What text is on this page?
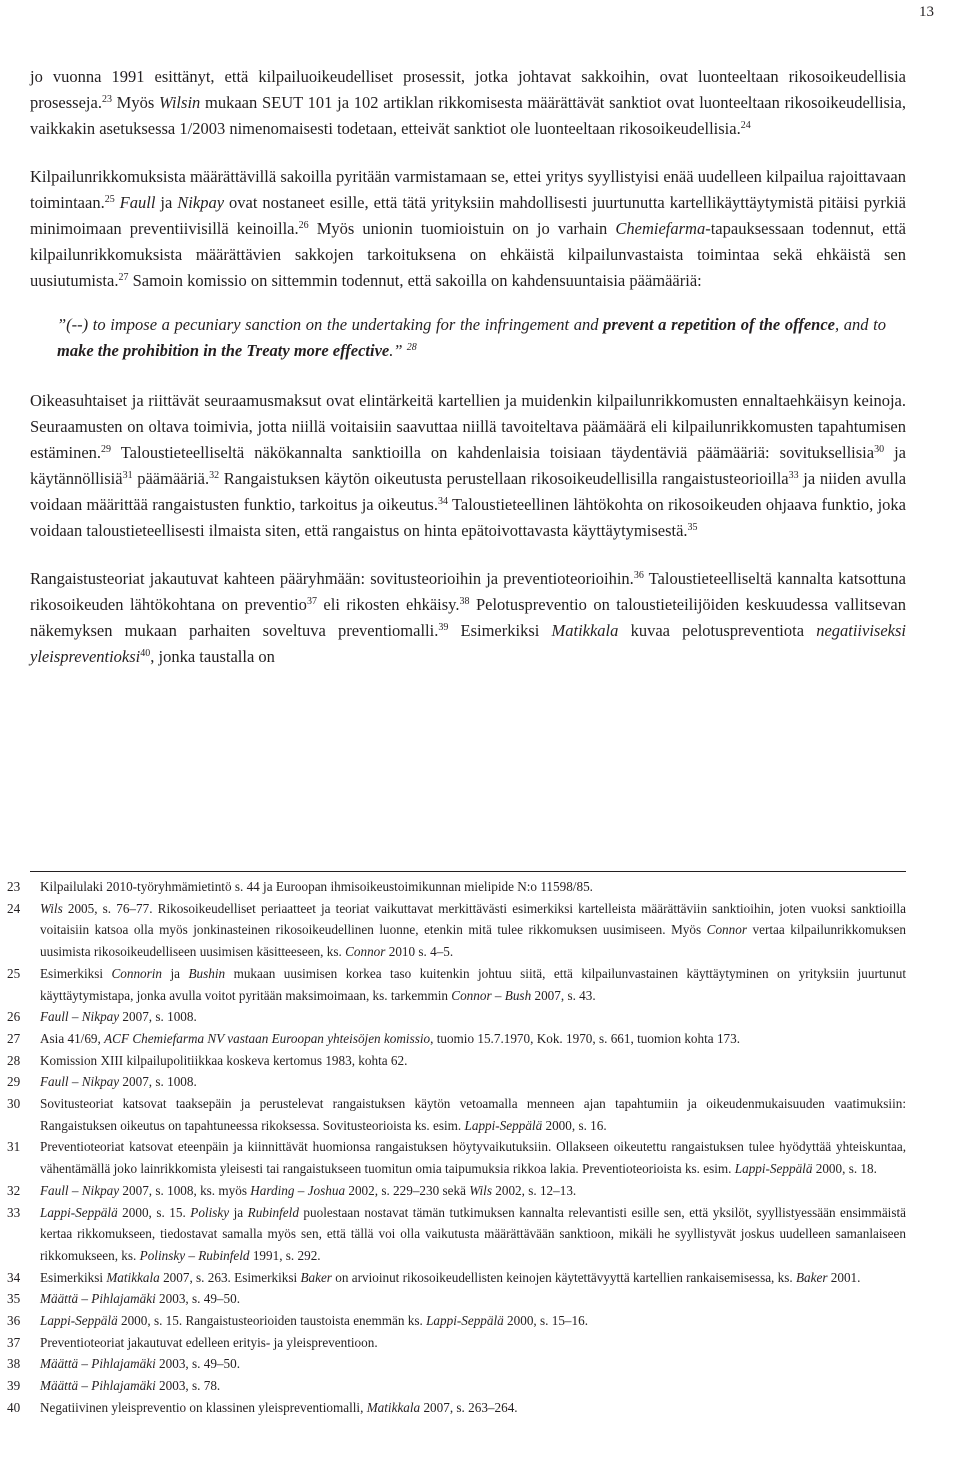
13

jo vuonna 1991 esittänyt, että kilpailuoikeudelliset prosessit, jotka johtavat sakkoihin, ovat luonteeltaan rikosoikeudellisia prosesseja.$^{23}$ Myös Wilsin mukaan SEUT 101 ja 102 artiklan rikkomisesta määrättävät sanktiot ovat luonteeltaan rikosoikeudellisia, vaikkakin asetuksessa 1/2003 nimenomaisesti todetaan, etteivät sanktiot ole luonteeltaan rikosoikeudellisia.$^{24}$

Kilpailunrikkomuksista määrättävillä sakoilla pyritään varmistamaan se, ettei yritys syyllistyisi enää uudelleen kilpailua rajoittavaan toimintaan.$^{25}$ Faull ja Nikpay ovat nostaneet esille, että tätä yrityksiin mahdollisesti juurtunutta kartellikäyttäytymistä pitäisi pyrkiä minimoimaan preventiivisillä keinoilla.$^{26}$ Myös unionin tuomioistuin on jo varhain Chemiefarma-tapauksessaan todennut, että kilpailunrikkomuksista määrättävien sakkojen tarkoituksena on ehkäistä kilpailunvastaista toimintaa sekä ehkäistä sen uusiutumista.$^{27}$ Samoin komissio on sittemmin todennut, että sakoilla on kahdensuuntaisia päämääriä:

”(--) to impose a pecuniary sanction on the undertaking for the infringement and prevent a repetition of the offence, and to make the prohibition in the Treaty more effective.” $^{28}$

Oikeasuhtaiset ja riittävät seuraamusmaksut ovat elintärkeitä kartellien ja muidenkin kilpailunrikkomusten ennaltaehkäisyn keinoja. Seuraamusten on oltava toimivia, jotta niillä voitaisiin saavuttaa niillä tavoiteltava päämäärä eli kilpailunrikkomusten tapahtumisen estäminen.$^{29}$ Taloustieteelliseltä näkökannalta sanktioilla on kahdenlaisia toisiaan täydentäviä päämääriä: sovituksellisia$^{30}$ ja käytännöllisiä$^{31}$ päämääriä.$^{32}$ Rangaistuksen käytön oikeutusta perustellaan rikosoikeudellisilla rangaistusteorioilla$^{33}$ ja niiden avulla voidaan määrittää rangaistusten funktio, tarkoitus ja oikeutus.$^{34}$ Taloustieteellinen lähtökohta on rikosoikeuden ohjaava funktio, joka voidaan taloustieteellisesti ilmaista siten, että rangaistus on hinta epätoivottavasta käyttäytymisestä.$^{35}$

Rangaistusteoriat jakautuvat kahteen pääryhmään: sovitusteorioihin ja preventioteorioihin.$^{36}$ Taloustieteelliseltä kannalta katsottuna rikosoikeuden lähtökohtana on preventio$^{37}$ eli rikosten ehkäisy.$^{38}$ Pelotuspreventio on taloustieteilijöiden keskuudessa vallitsevan näkemyksen mukaan parhaiten soveltuva preventiomalli.$^{39}$ Esimerkiksi Matikkala kuvaa pelotuspreventiota negatiiviseksi yleispreventioksi$^{40}$, jonka taustalla on

23 Kilpailulaki 2010-työryhmämietintö s. 44 ja Euroopan ihmisoikeustoimikunnan mielipide N:o 11598/85.
24 Wils 2005, s. 76–77. Rikosoikeudelliset periaatteet ja teoriat vaikuttavat merkittävästi esimerkiksi kartelleista määrättäviin sanktioihin, joten vuoksi sanktioilla voitaisiin katsoa olla myös jonkinasteinen rikosoikeudellinen luonne, etenkin mitä tulee rikkomuksen uusimiseen. Myös Connor vertaa kilpailunrikkomuksen uusimista rikosoikeudelliseen uusimisen käsitteeseen, ks. Connor 2010 s. 4–5.
25 Esimerkiksi Connorin ja Bushin mukaan uusimisen korkea taso kuitenkin johtuu siitä, että kilpailunvastainen käyttäytyminen on yrityksiin juurtunut käyttäytymistapa, jonka avulla voitot pyritään maksimoimaan, ks. tarkemmin Connor – Bush 2007, s. 43.
26 Faull – Nikpay 2007, s. 1008.
27 Asia 41/69, ACF Chemiefarma NV vastaan Euroopan yhteisöjen komissio, tuomio 15.7.1970, Kok. 1970, s. 661, tuomion kohta 173.
28 Komission XIII kilpailupolitiikkaa koskeva kertomus 1983, kohta 62.
29 Faull – Nikpay 2007, s. 1008.
30 Sovitusteoriat katsovat taaksepäin ja perustelevat rangaistuksen käytön vetoamalla menneen ajan tapahtumiin ja oikeudenmukaisuuden vaatimuksiin: Rangaistuksen oikeutus on tapahtuneessa rikoksessa. Sovitusteorioista ks. esim. Lappi-Seppälä 2000, s. 16.
31 Preventioteoriat katsovat eteenpäin ja kiinnittävät huomionsa rangaistuksen höytyvaikutuksiin. Ollakseen oikeutettu rangaistuksen tulee hyödyttää yhteiskuntaa, vähentämällä joko lainrikkomista yleisesti tai rangaistukseen tuomitun omia taipumuksia rikkoa lakia. Preventioteorioista ks. esim. Lappi-Seppälä 2000, s. 18.
32 Faull – Nikpay 2007, s. 1008, ks. myös Harding – Joshua 2002, s. 229–230 sekä Wils 2002, s. 12–13.
33 Lappi-Seppälä 2000, s. 15. Polisky ja Rubinfeld puolestaan nostavat tämän tutkimuksen kannalta relevantisti esille sen, että yksilöt, syyllistyessään ensimmäistä kertaa rikkomukseen, tiedostavat samalla myös sen, että tällä voi olla vaikutusta määrättävään sanktioon, mikäli he syyllistyvät joskus uudelleen samanlaiseen rikkomukseen, ks. Polinsky – Rubinfeld 1991, s. 292.
34 Esimerkiksi Matikkala 2007, s. 263. Esimerkiksi Baker on arvioinut rikosoikeudellisten keinojen käytettävyyttä kartellien rankaisemisessa, ks. Baker 2001.
35 Määttä – Pihlajamäki 2003, s. 49–50.
36 Lappi-Seppälä 2000, s. 15. Rangaistusteorioiden taustoista enemmän ks. Lappi-Seppälä 2000, s. 15–16.
37 Preventioteoriat jakautuvat edelleen erityis- ja yleispreventioon.
38 Määttä – Pihlajamäki 2003, s. 49–50.
39 Määttä – Pihlajamäki 2003, s. 78.
40 Negatiivinen yleispreventio on klassinen yleispreventiomalli, Matikkala 2007, s. 263–264.
